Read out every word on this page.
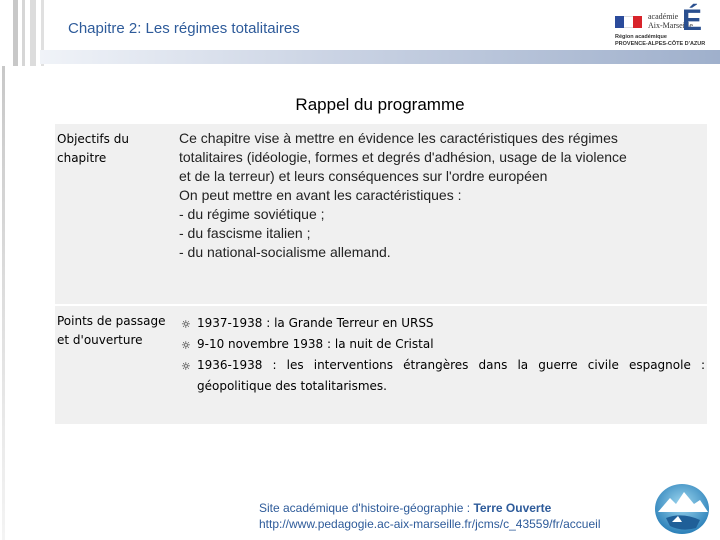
Chapitre 2: Les régimes totalitaires
académie
Aix-Marseille
É
Région académique
PROVENCE-ALPES-CÔTE D'AZUR
Rappel du programme
Objectifs du chapitre
Ce chapitre vise à mettre en évidence les caractéristiques des régimes
totalitaires (idéologie, formes et degrés d'adhésion, usage de la violence
et de la terreur) et leurs conséquences sur l'ordre européen
On peut mettre en avant les caractéristiques :
- du régime soviétique ;
- du fascisme italien ;
- du national-socialisme allemand.
Points de passage et d'ouverture
☼ 1937-1938 : la Grande Terreur en URSS
☼ 9-10 novembre 1938 : la nuit de Cristal
☼ 1936-1938 : les interventions étrangères dans la guerre civile espagnole : géopolitique des totalitarismes.
Site académique d'histoire-géographie : Terre Ouverte
http://www.pedagogie.ac-aix-marseille.fr/jcms/c_43559/fr/accueil
